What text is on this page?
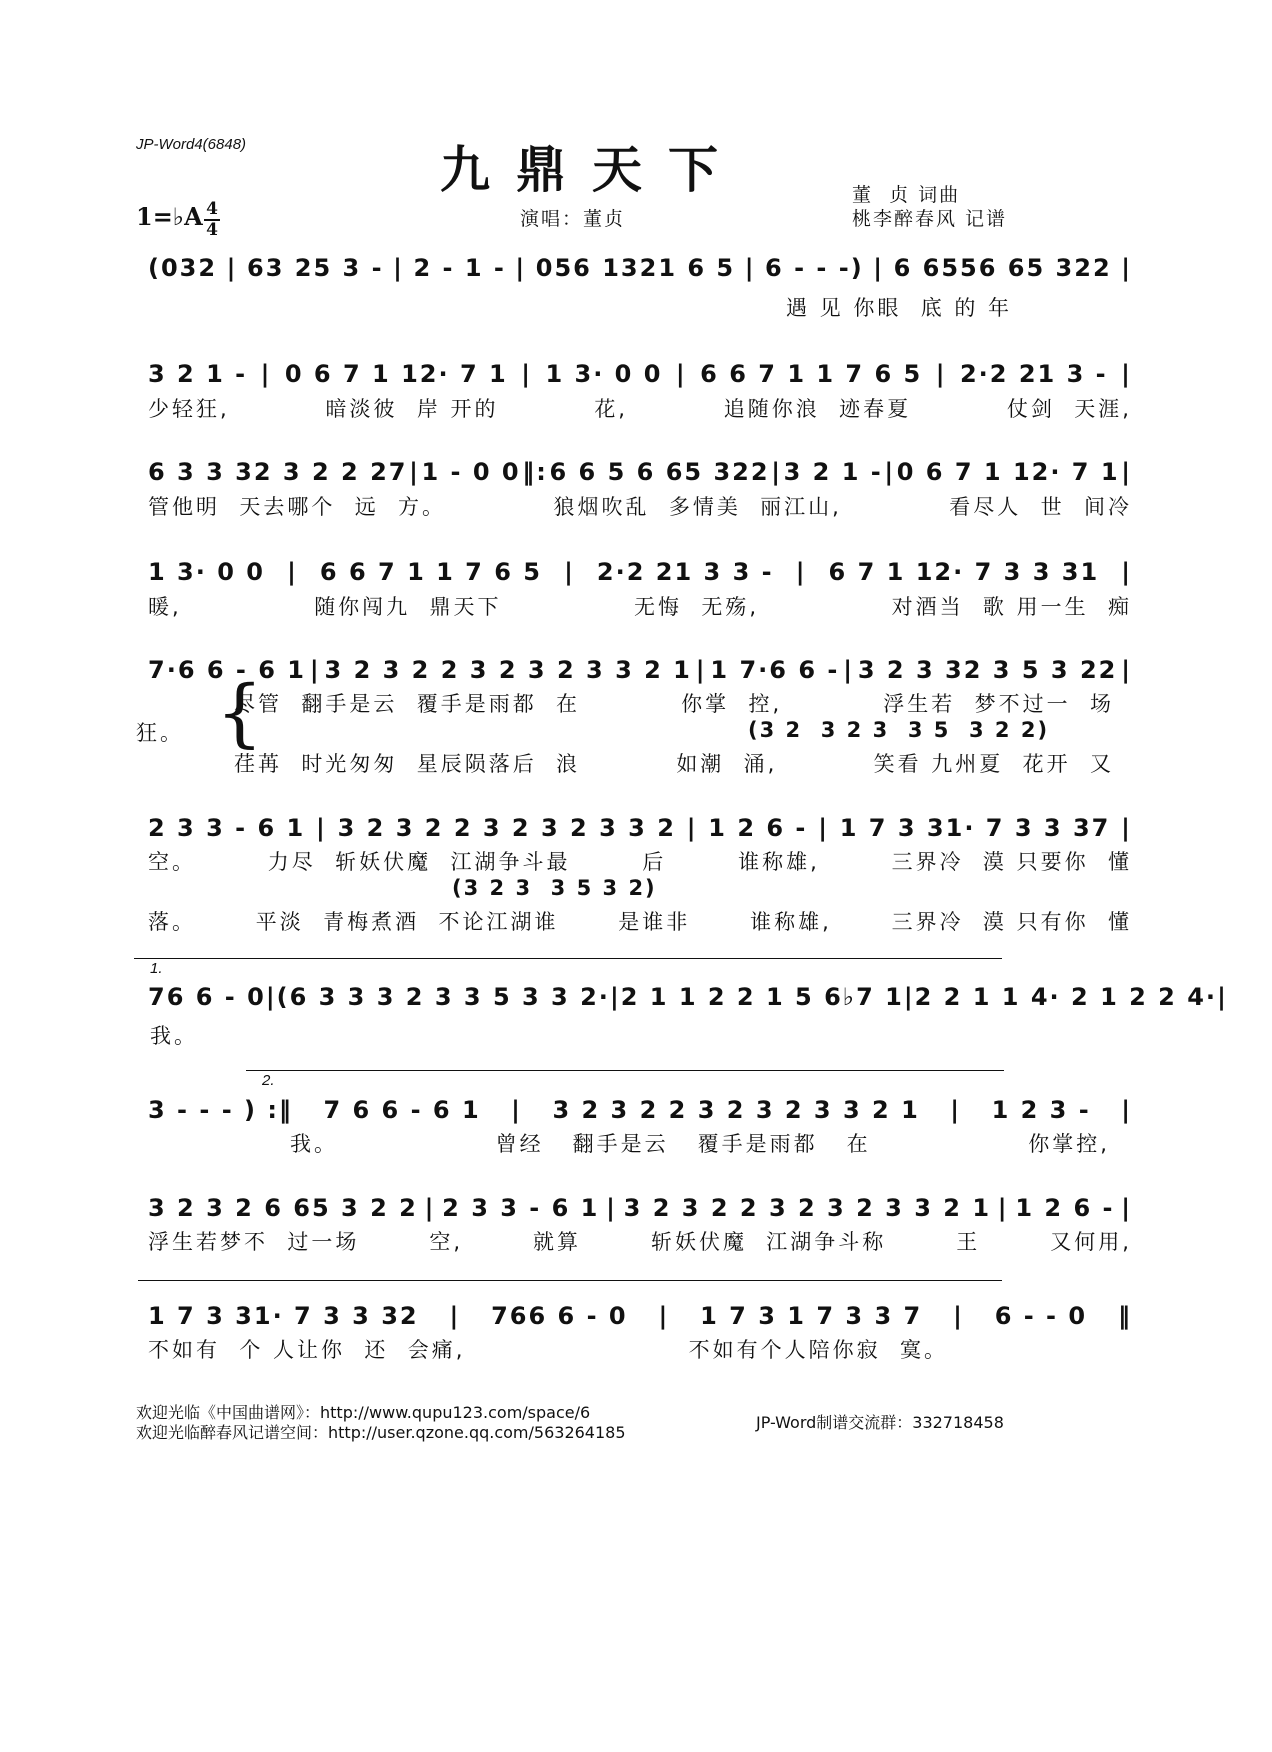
JP-Word4(6848)	九鼎天下	董  贞 词曲
桃李醉春风 记谱
演唱：董贞
1=♭A 4
4
(032 | 63 25 3 - | 2 - 1 - | 056 1321 6 5 | 6 - - -) | 6 6556 65 322 |
遇 见 你眼  底 的 年
3 2 1 - | 0 6 7 1 12· 7 1 | 1 3· 0 0 | 6 6 7 1 1 7 6 5 | 2·2 21 3 - |
少轻狂,	暗淡彼  岸 开的	花,	追随你浪  迹春夏	仗剑  天涯,
6 3 3 32 3 2 2 27 | 1 - 0 0 ‖: 6 6 5 6 65 322 | 3 2 1 - | 0 6 7 1 12· 7 1 |
管他明  天去哪个  远  方。	狼烟吹乱  多情美  丽江山,	看尽人  世  间冷
1 3· 0 0 | 6 6 7 1 1 7 6 5 | 2·2 21 3 3 - | 6 7 1 12· 7 3 3 31 |
暖,	随你闯九  鼎天下	无悔  无殇,	对酒当  歌 用一生  痴
7·6 6 - 6 1 | 3 2 3 2 2 3 2 3 2 3 3 2 1 | 1 7·6 6 - | 3 2 3 32 3 5 3 22 |
{
狂。
尽管  翻手是云  覆手是雨都  在	你掌  控,	浮生若  梦不过一  场
(3 2  3 2 3  3 5  3 2 2)
荏苒  时光匆匆  星辰陨落后  浪	如潮  涌,	笑看 九州夏  花开  又
2 3 3 - 6 1 | 3 2 3 2 2 3 2 3 2 3 3 2 | 1 2 6 - | 1 7 3 31· 7 3 3 37 |
空。	力尽  斩妖伏魔  江湖争斗最	后	谁称雄,	三界冷  漠 只要你  懂
(3 2 3  3 5 3 2)
落。	平淡  青梅煮酒  不论江湖谁	是谁非	谁称雄,	三界冷  漠 只有你  懂
1.
76 6 - 0 |( 6 3 3 3 2 3 3 5 3 3 2· | 2 1 1 2 2 1 5 6♭7 1 | 2 2 1 1 4· 2 1 2 2 4· |
我。
2.
3 - - - ) :‖ 7 6 6 - 6 1 | 3 2 3 2 2 3 2 3 2 3 3 2 1 | 1 2 3 - |
我。	曾经   翻手是云   覆手是雨都   在	你掌控,
3 2 3 2 6 65 3 2 2 | 2 3 3 - 6 1 | 3 2 3 2 2 3 2 3 2 3 3 2 1 | 1 2 6 - |
浮生若梦不  过一场	空,	就算	斩妖伏魔  江湖争斗称	王	又何用,
1 7 3 31· 7 3 3 32 | 766 6 - 0 | 1 7 3 1 7 3 3 7 | 6 - - 0 ‖
不如有  个 人让你  还  会痛,	不如有个人陪你寂  寞。
欢迎光临《中国曲谱网》：http://www.qupu123.com/space/6
欢迎光临醉春风记谱空间：http://user.qzone.qq.com/563264185
JP-Word制谱交流群：332718458
